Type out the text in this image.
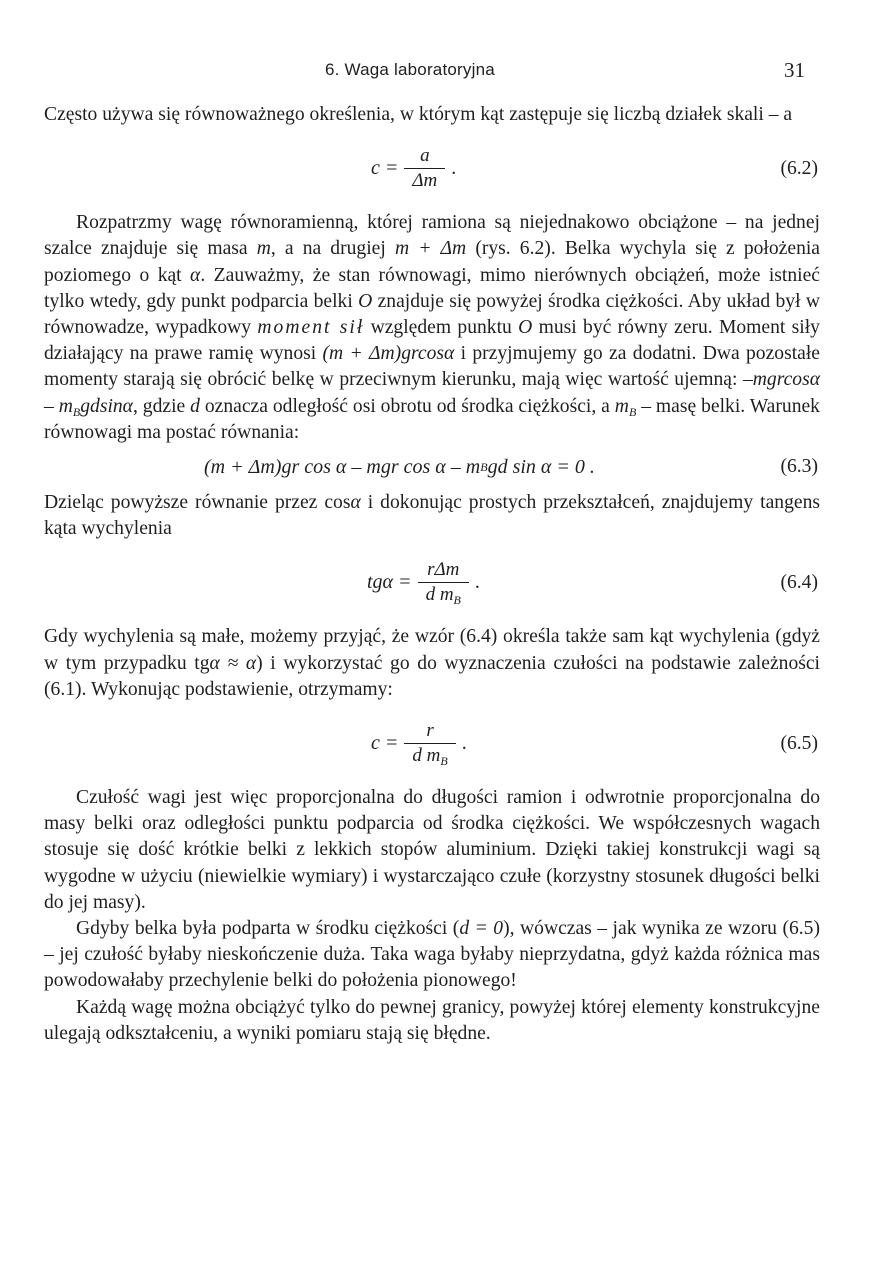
6. Waga laboratoryjna	31

Często używa się równoważnego określenia, w którym kąt zastępuje się liczbą działek skali – a

$c = \frac{a}{\Delta m}$ .	(6.2)

Rozpatrzmy wagę równoramienną, której ramiona są niejednakowo obciążone – na jednej szalce znajduje się masa m, a na drugiej m + Δm (rys. 6.2). Belka wychyla się z położenia poziomego o kąt α. Zauważmy, że stan równowagi, mimo nierównych obciążeń, może istnieć tylko wtedy, gdy punkt podparcia belki O znajduje się powyżej środka ciężkości. Aby układ był w równowadze, wypadkowy moment sił względem punktu O musi być równy zeru. Moment siły działający na prawe ramię wynosi (m + Δm)grcosα i przyjmujemy go za dodatni. Dwa pozostałe momenty starają się obrócić belkę w przeciwnym kierunku, mają więc wartość ujemną: $-mgrcos\alpha - m_Bgdsin\alpha$, gdzie d oznacza odległość osi obrotu od środka ciężkości, a $m_B$ – masę belki. Warunek równowagi ma postać równania:

(m + Δm)gr cos α – mgr cos α – m B gd sin α = 0 .	(6.3)

Dzieląc powyższe równanie przez cosα i dokonując prostych przekształceń, znajdujemy tangens kąta wychylenia

$tg\alpha = \frac{\text{rΔm}}{d m_B}$ .	(6.4)

Gdy wychylenia są małe, możemy przyjąć, że wzór (6.4) określa także sam kąt wychylenia (gdyż w tym przypadku tgα ≈ α) i wykorzystać go do wyznaczenia czułości na podstawie zależności (6.1). Wykonując podstawienie, otrzymamy:

$c = \frac{r}{d m_B}$ .	(6.5)

Czułość wagi jest więc proporcjonalna do długości ramion i odwrotnie proporcjonalna do masy belki oraz odległości punktu podparcia od środka ciężkości. We współczesnych wagach stosuje się dość krótkie belki z lekkich stopów aluminium. Dzięki takiej konstrukcji wagi są wygodne w użyciu (niewielkie wymiary) i wystarczająco czułe (korzystny stosunek długości belki do jej masy).

Gdyby belka była podparta w środku ciężkości (d = 0), wówczas – jak wynika ze wzoru (6.5) – jej czułość byłaby nieskończenie duża. Taka waga byłaby nieprzydatna, gdyż każda różnica mas powodowałaby przechylenie belki do położenia pionowego!

Każdą wagę można obciążyć tylko do pewnej granicy, powyżej której elementy konstrukcyjne ulegają odkształceniu, a wyniki pomiaru stają się błędne.
